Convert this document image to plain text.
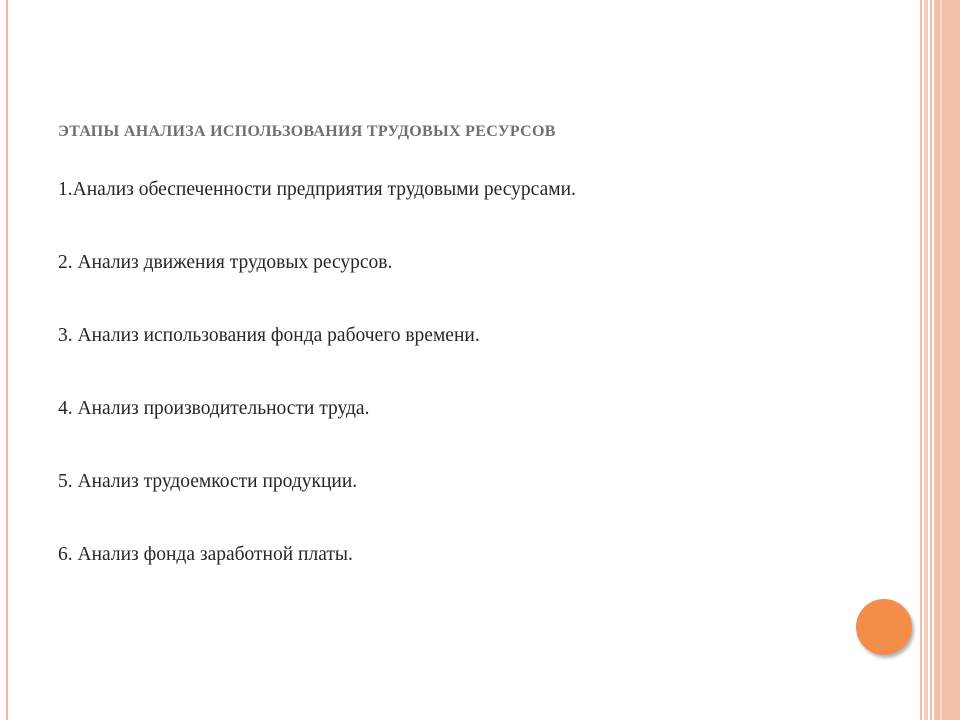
ЭТАПЫ АНАЛИЗА ИСПОЛЬЗОВАНИЯ ТРУДОВЫХ РЕСУРСОВ
1.Анализ обеспеченности предприятия трудовыми ресурсами.
2. Анализ движения трудовых ресурсов.
3. Анализ использования фонда рабочего времени.
4. Анализ производительности труда.
5. Анализ трудоемкости продукции.
6. Анализ фонда заработной платы.
